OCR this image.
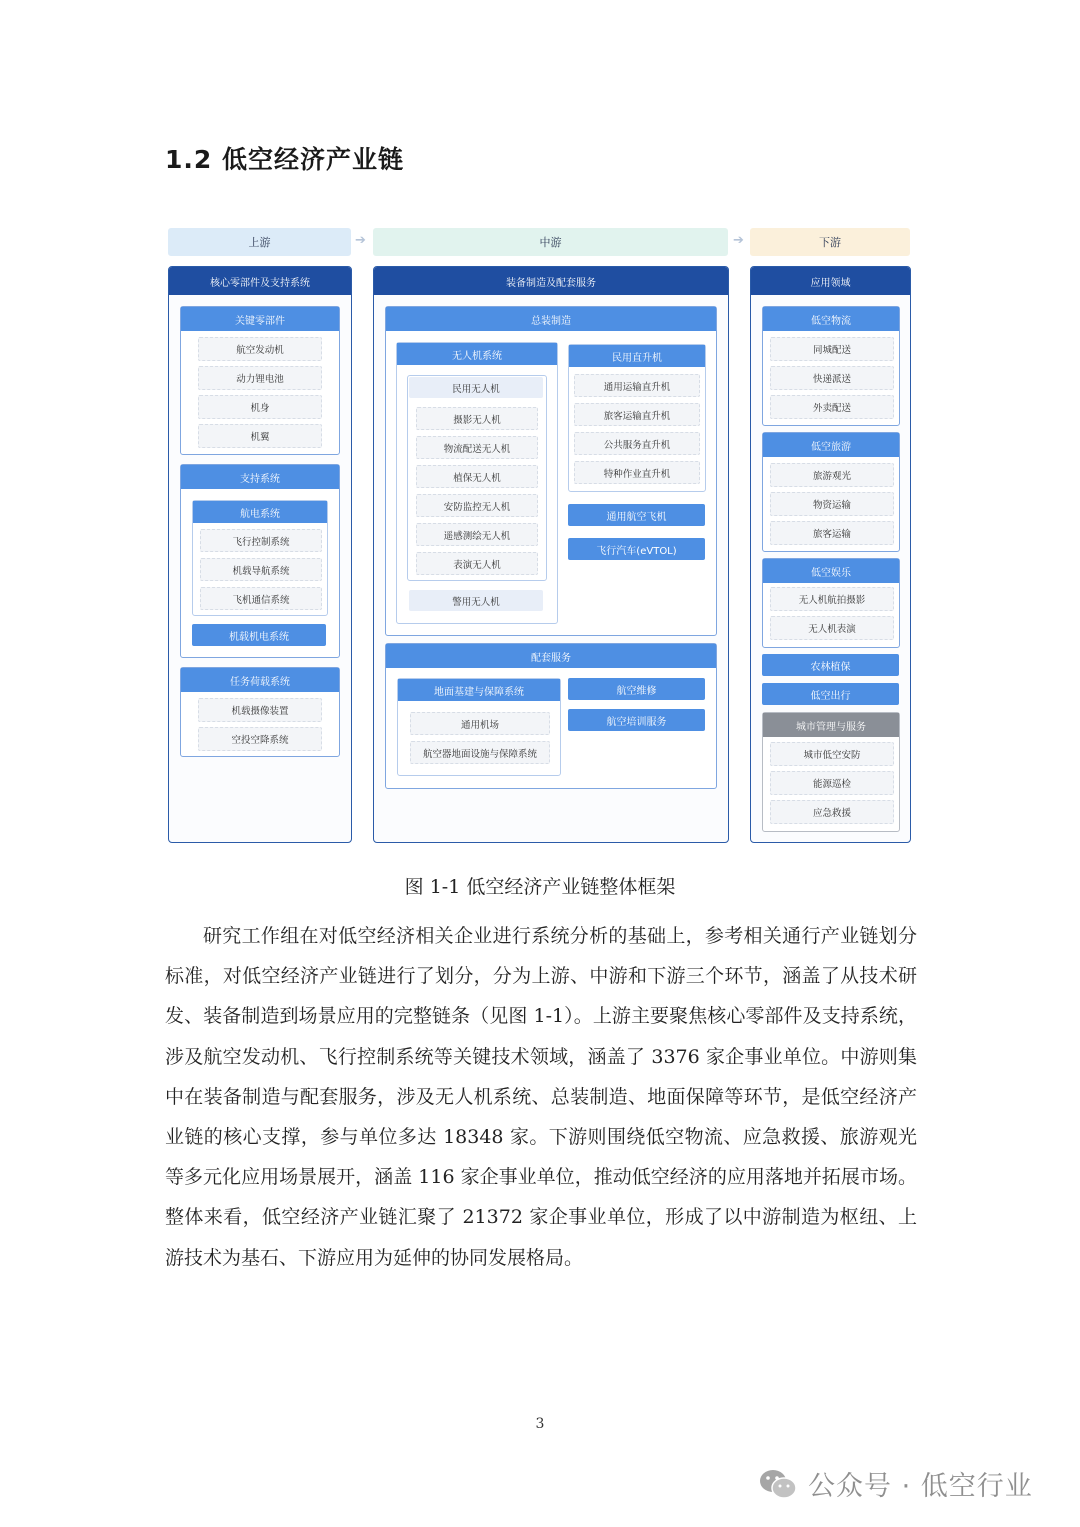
1.2 低空经济产业链
上游	➔	中游	➔	下游
核心零部件及支持系统
关键零部件
航空发动机
动力锂电池
机身
机翼
支持系统
航电系统
飞行控制系统
机载导航系统
飞机通信系统
机载机电系统
任务荷载系统
机载摄像装置
空投空降系统
装备制造及配套服务
总装制造
无人机系统
民用无人机
摄影无人机
物流配送无人机
植保无人机
安防监控无人机
遥感测绘无人机
表演无人机
警用无人机
民用直升机
通用运输直升机
旅客运输直升机
公共服务直升机
特种作业直升机
通用航空飞机
飞行汽车(eVTOL)
配套服务
地面基建与保障系统
通用机场
航空器地面设施与保障系统
航空维修
航空培训服务
应用领域
低空物流
同城配送
快递派送
外卖配送
低空旅游
旅游观光
物资运输
旅客运输
低空娱乐
无人机航拍摄影
无人机表演
农林植保
低空出行
城市管理与服务
城市低空安防
能源巡检
应急救援
图 1-1 低空经济产业链整体框架
研究工作组在对低空经济相关企业进行系统分析的基础上，参考相关通行产业链划分标准，对低空经济产业链进行了划分，分为上游、中游和下游三个环节，涵盖了从技术研发、装备制造到场景应用的完整链条（见图 1-1）。上游主要聚焦核心零部件及支持系统，涉及航空发动机、飞行控制系统等关键技术领域，涵盖了 3376 家企事业单位。中游则集中在装备制造与配套服务，涉及无人机系统、总装制造、地面保障等环节，是低空经济产业链的核心支撑，参与单位多达 18348 家。下游则围绕低空物流、应急救援、旅游观光等多元化应用场景展开，涵盖 116 家企事业单位，推动低空经济的应用落地并拓展市场。整体来看，低空经济产业链汇聚了 21372 家企事业单位，形成了以中游制造为枢纽、上游技术为基石、下游应用为延伸的协同发展格局。
3
公众号 · 低空行业
